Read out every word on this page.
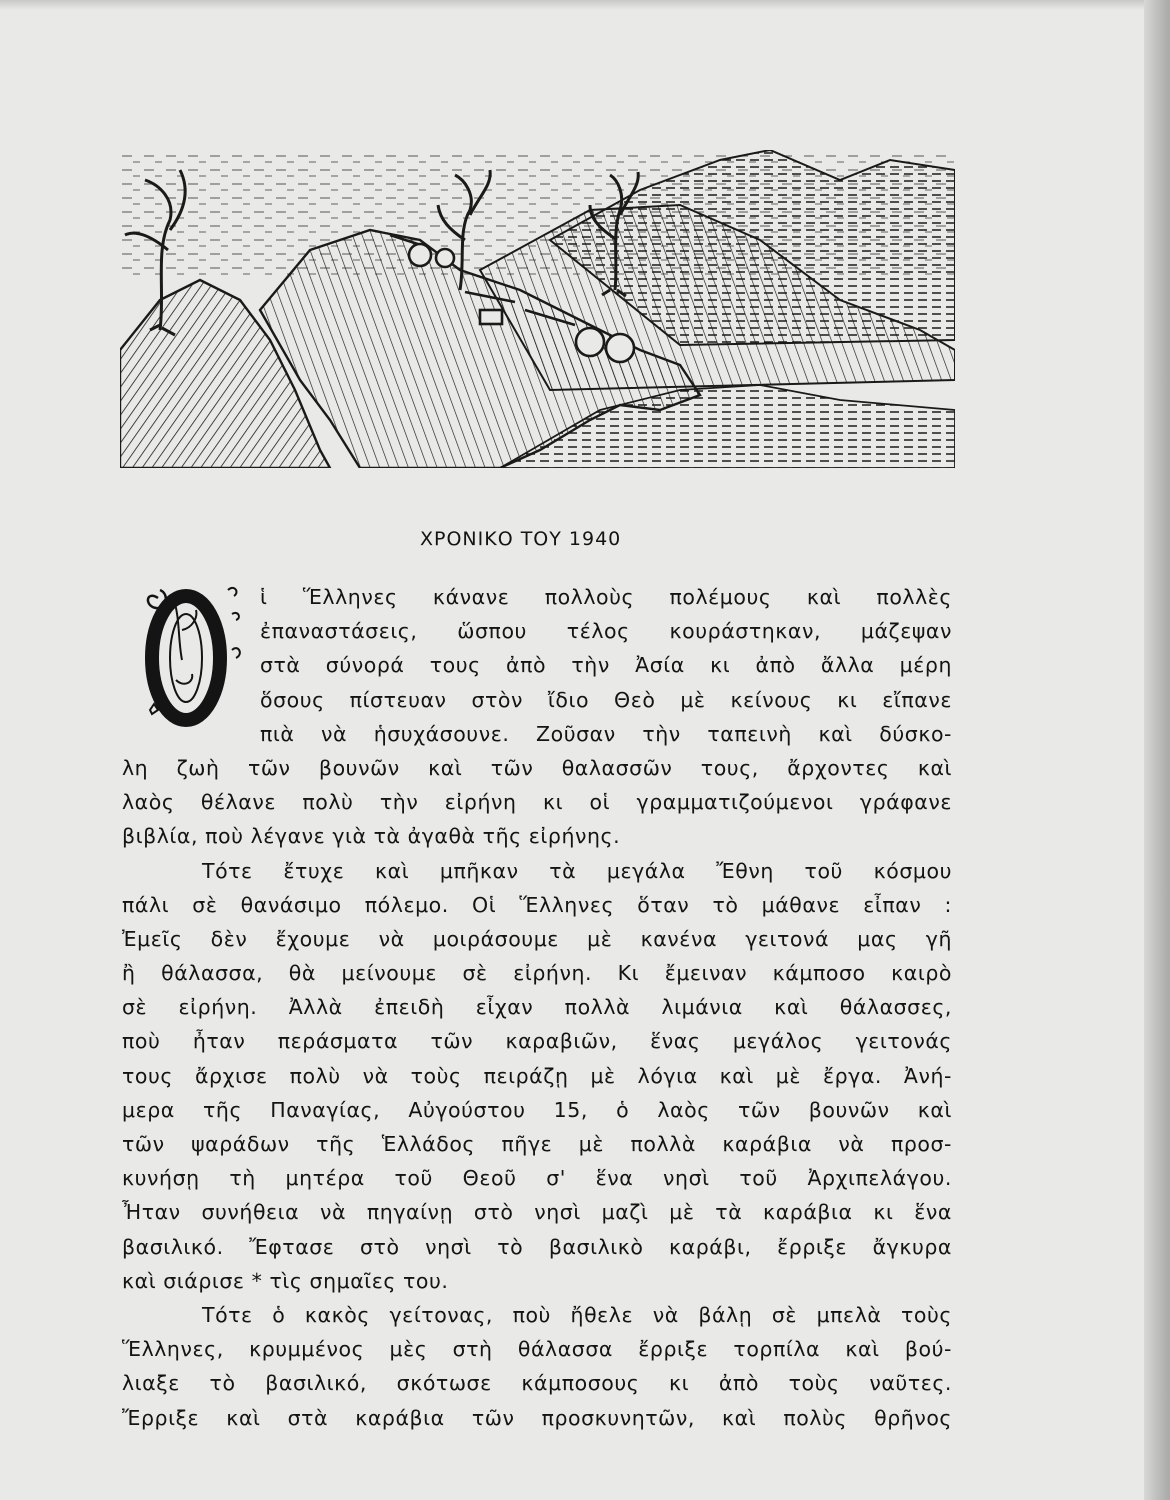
ΧΡΟΝΙΚΟ ΤΟΥ 1940
ἱ Ἕλληνες κάνανε πολλοὺς πολέμους καὶ πολλὲς
ἐπαναστάσεις, ὥσπου τέλος κουράστηκαν, μάζεψαν
στὰ σύνορά τους ἀπὸ τὴν Ἀσία κι ἀπὸ ἄλλα μέρη
ὅσους πίστευαν στὸν ἴδιο Θεὸ μὲ κείνους κι εἴπανε
πιὰ νὰ ἡσυχάσουνε. Ζοῦσαν τὴν ταπεινὴ καὶ δύσκο-
λη ζωὴ τῶν βουνῶν καὶ τῶν θαλασσῶν τους, ἄρχοντες καὶ
λαὸς θέλανε πολὺ τὴν εἰρήνη κι οἱ γραμματιζούμενοι γράφανε
βιβλία, ποὺ λέγανε γιὰ τὰ ἀγαθὰ τῆς εἰρήνης.
Τότε ἔτυχε καὶ μπῆκαν τὰ μεγάλα Ἔθνη τοῦ κόσμου
πάλι σὲ θανάσιμο πόλεμο. Οἱ Ἕλληνες ὅταν τὸ μάθανε εἶπαν :
Ἐμεῖς δὲν ἔχουμε νὰ μοιράσουμε μὲ κανένα γειτονά μας γῆ
ἢ θάλασσα, θὰ μείνουμε σὲ εἰρήνη. Κι ἔμειναν κάμποσο καιρὸ
σὲ εἰρήνη. Ἀλλὰ ἐπειδὴ εἶχαν πολλὰ λιμάνια καὶ θάλασσες,
ποὺ ἦταν περάσματα τῶν καραβιῶν, ἕνας μεγάλος γειτονάς
τους ἄρχισε πολὺ νὰ τοὺς πειράζῃ μὲ λόγια καὶ μὲ ἔργα. Ἀνή-
μερα τῆς Παναγίας, Αὐγούστου 15, ὁ λαὸς τῶν βουνῶν καὶ
τῶν ψαράδων τῆς Ἑλλάδος πῆγε μὲ πολλὰ καράβια νὰ προσ-
κυνήσῃ τὴ μητέρα τοῦ Θεοῦ σ' ἕνα νησὶ τοῦ Ἀρχιπελάγου.
Ἦταν συνήθεια νὰ πηγαίνῃ στὸ νησὶ μαζὶ μὲ τὰ καράβια κι ἕνα
βασιλικό. Ἔφτασε στὸ νησὶ τὸ βασιλικὸ καράβι, ἔρριξε ἄγκυρα
καὶ σιάρισε * τὶς σημαῖες του.
Τότε ὁ κακὸς γείτονας, ποὺ ἤθελε νὰ βάλῃ σὲ μπελὰ τοὺς
Ἕλληνες, κρυμμένος μὲς στὴ θάλασσα ἔρριξε τορπίλα καὶ βού-
λιαξε τὸ βασιλικό, σκότωσε κάμποσους κι ἀπὸ τοὺς ναῦτες.
Ἔρριξε καὶ στὰ καράβια τῶν προσκυνητῶν, καὶ πολὺς θρῆνος
